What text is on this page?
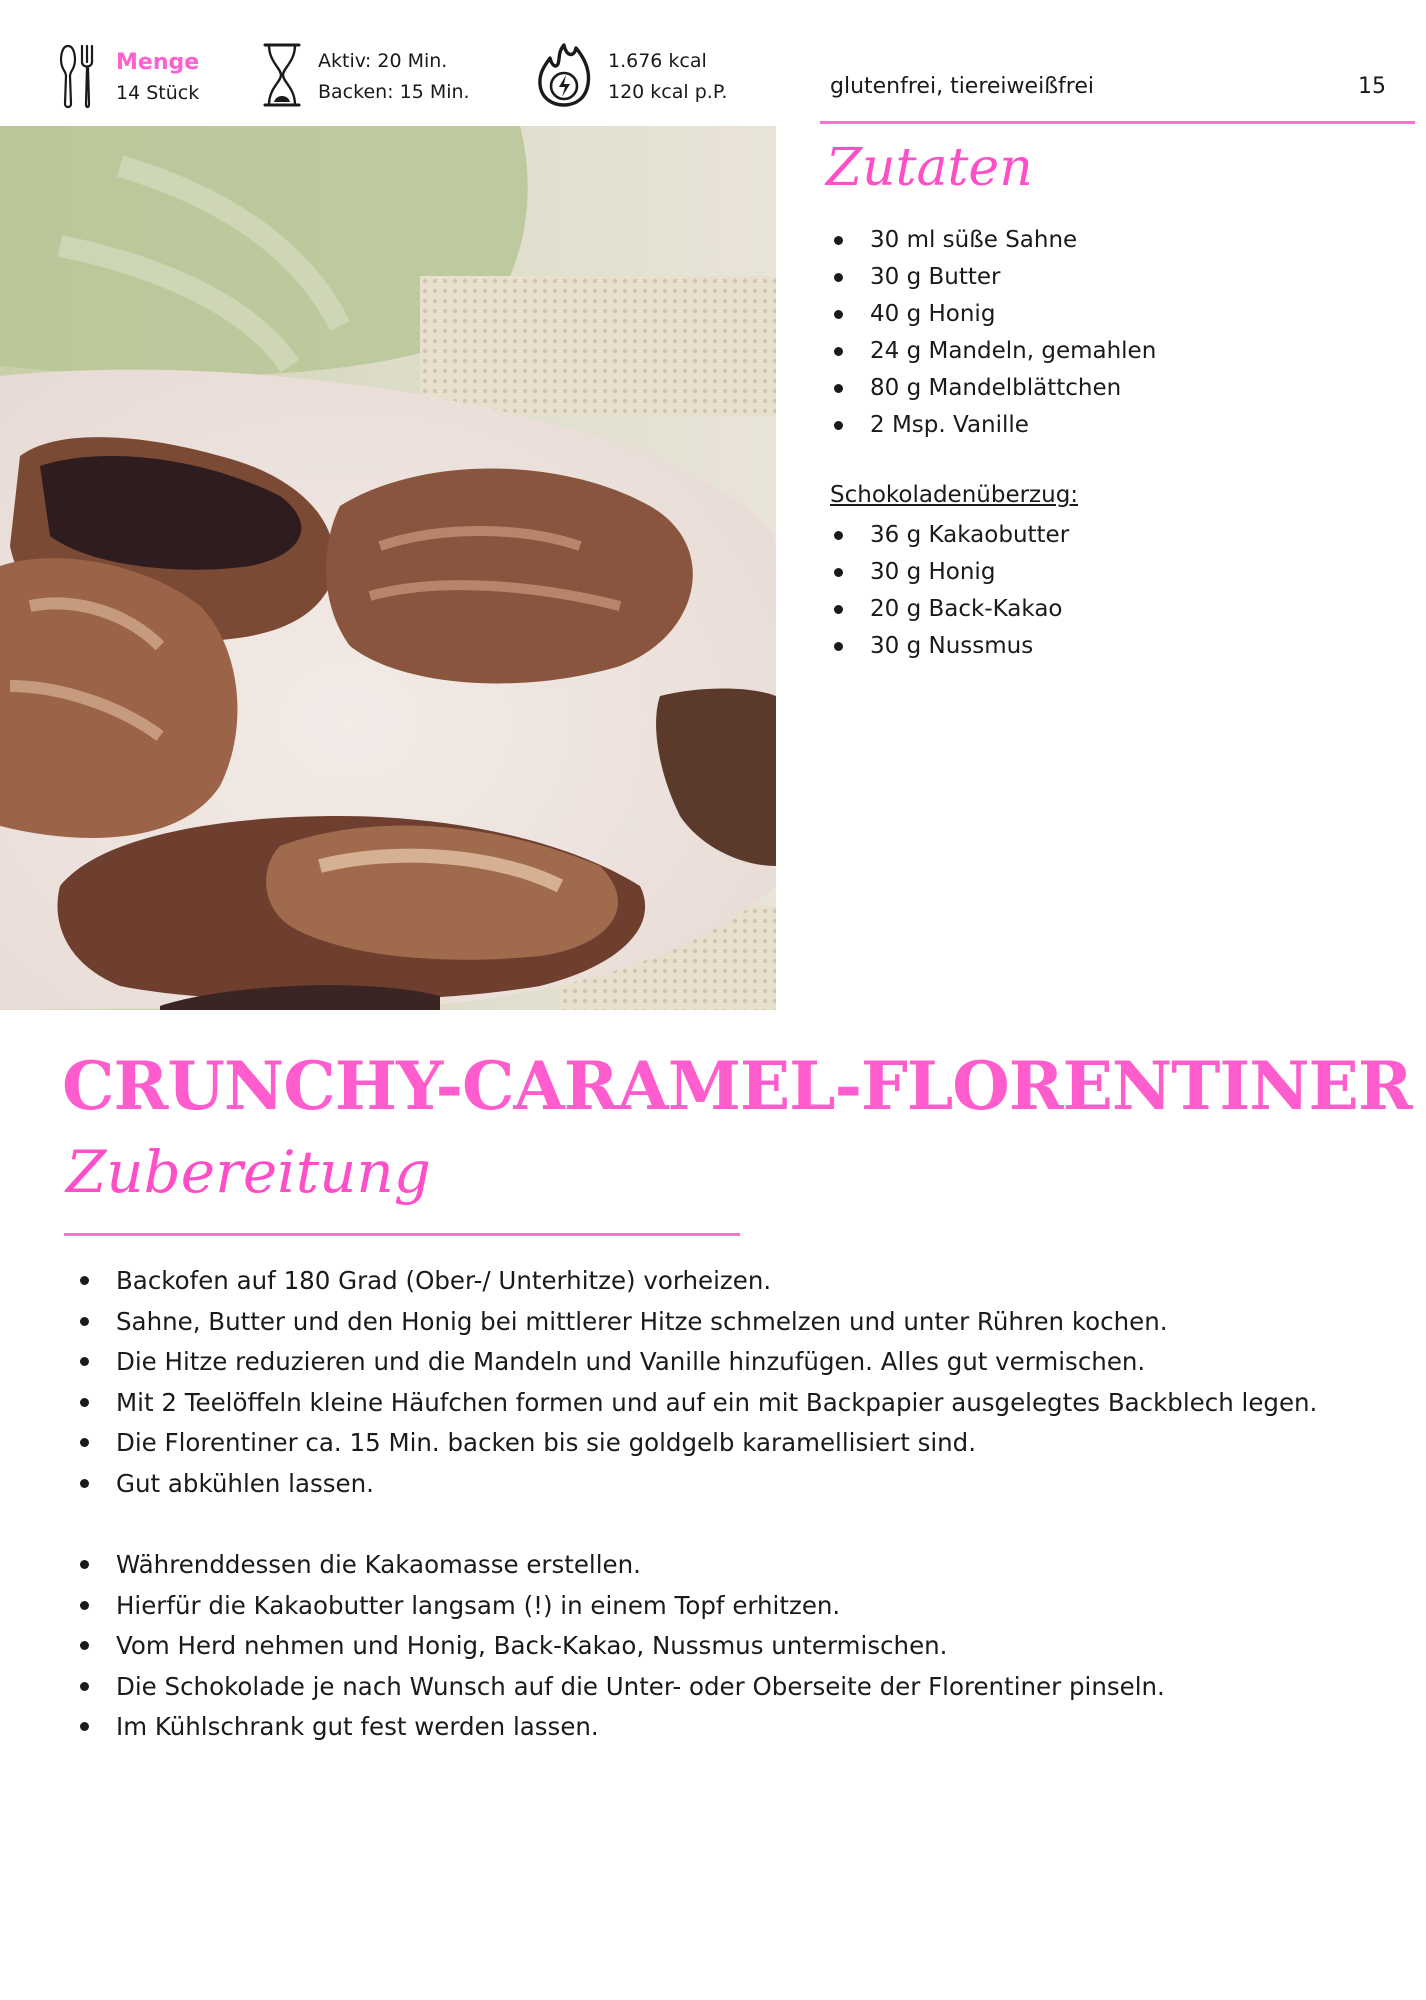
Menge
14 Stück
Aktiv: 20 Min.
Backen: 15 Min.
1.676 kcal
120 kcal p.P.	glutenfrei, tiereiweißfrei	15
Zutaten
30 ml süße Sahne
30 g Butter
40 g Honig
24 g Mandeln, gemahlen
80 g Mandelblättchen
2 Msp. Vanille
Schokoladenüberzug:
36 g Kakaobutter
30 g Honig
20 g Back-Kakao
30 g Nussmus
CRUNCHY-CARAMEL-FLORENTINER
Zubereitung
Backofen auf 180 Grad (Ober-/ Unterhitze) vorheizen.
Sahne, Butter und den Honig bei mittlerer Hitze schmelzen und unter Rühren kochen.
Die Hitze reduzieren und die Mandeln und Vanille hinzufügen. Alles gut vermischen.
Mit 2 Teelöffeln kleine Häufchen formen und auf ein mit Backpapier ausgelegtes Backblech legen.
Die Florentiner ca. 15 Min. backen bis sie goldgelb karamellisiert sind.
Gut abkühlen lassen.
Währenddessen die Kakaomasse erstellen.
Hierfür die Kakaobutter langsam (!) in einem Topf erhitzen.
Vom Herd nehmen und Honig, Back-Kakao, Nussmus untermischen.
Die Schokolade je nach Wunsch auf die Unter- oder Oberseite der Florentiner pinseln.
Im Kühlschrank gut fest werden lassen.
